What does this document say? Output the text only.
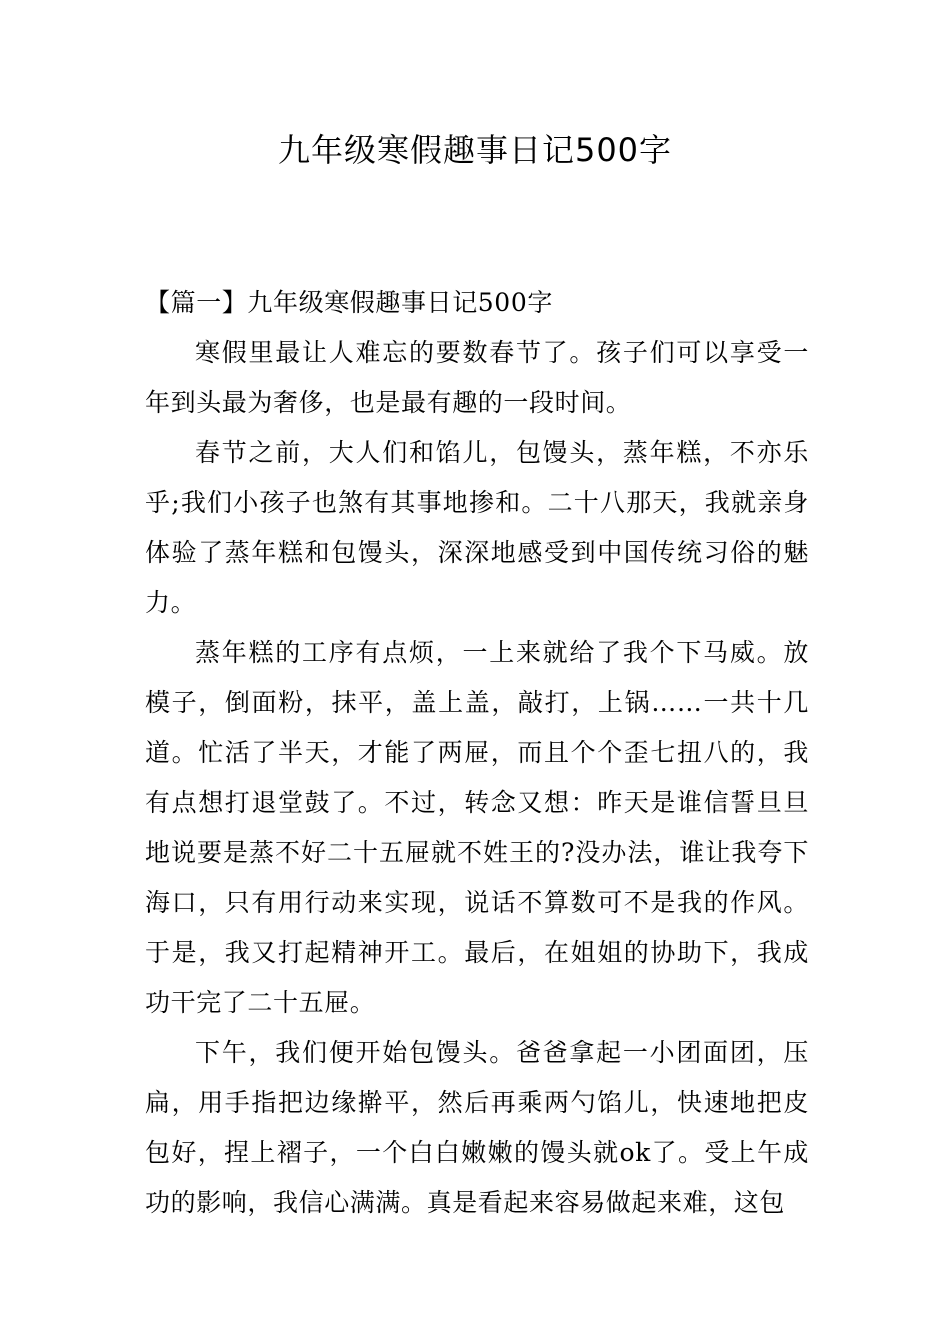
九年级寒假趣事日记500字
【篇一】九年级寒假趣事日记500字

寒假里最让人难忘的要数春节了。孩子们可以享受一年到头最为奢侈，也是最有趣的一段时间。

春节之前，大人们和馅儿，包馒头，蒸年糕，不亦乐乎;我们小孩子也煞有其事地掺和。二十八那天，我就亲身体验了蒸年糕和包馒头，深深地感受到中国传统习俗的魅力。

蒸年糕的工序有点烦，一上来就给了我个下马威。放模子，倒面粉，抹平，盖上盖，敲打，上锅……一共十几道。忙活了半天，才能了两屉，而且个个歪七扭八的，我有点想打退堂鼓了。不过，转念又想：昨天是谁信誓旦旦地说要是蒸不好二十五屉就不姓王的?没办法，谁让我夸下海口，只有用行动来实现，说话不算数可不是我的作风。于是，我又打起精神开工。最后，在姐姐的协助下，我成功干完了二十五屉。

下午，我们便开始包馒头。爸爸拿起一小团面团，压扁，用手指把边缘擀平，然后再乘两勺馅儿，快速地把皮包好，捏上褶子，一个白白嫩嫩的馒头就ok了。受上午成功的影响，我信心满满。真是看起来容易做起来难，这包
